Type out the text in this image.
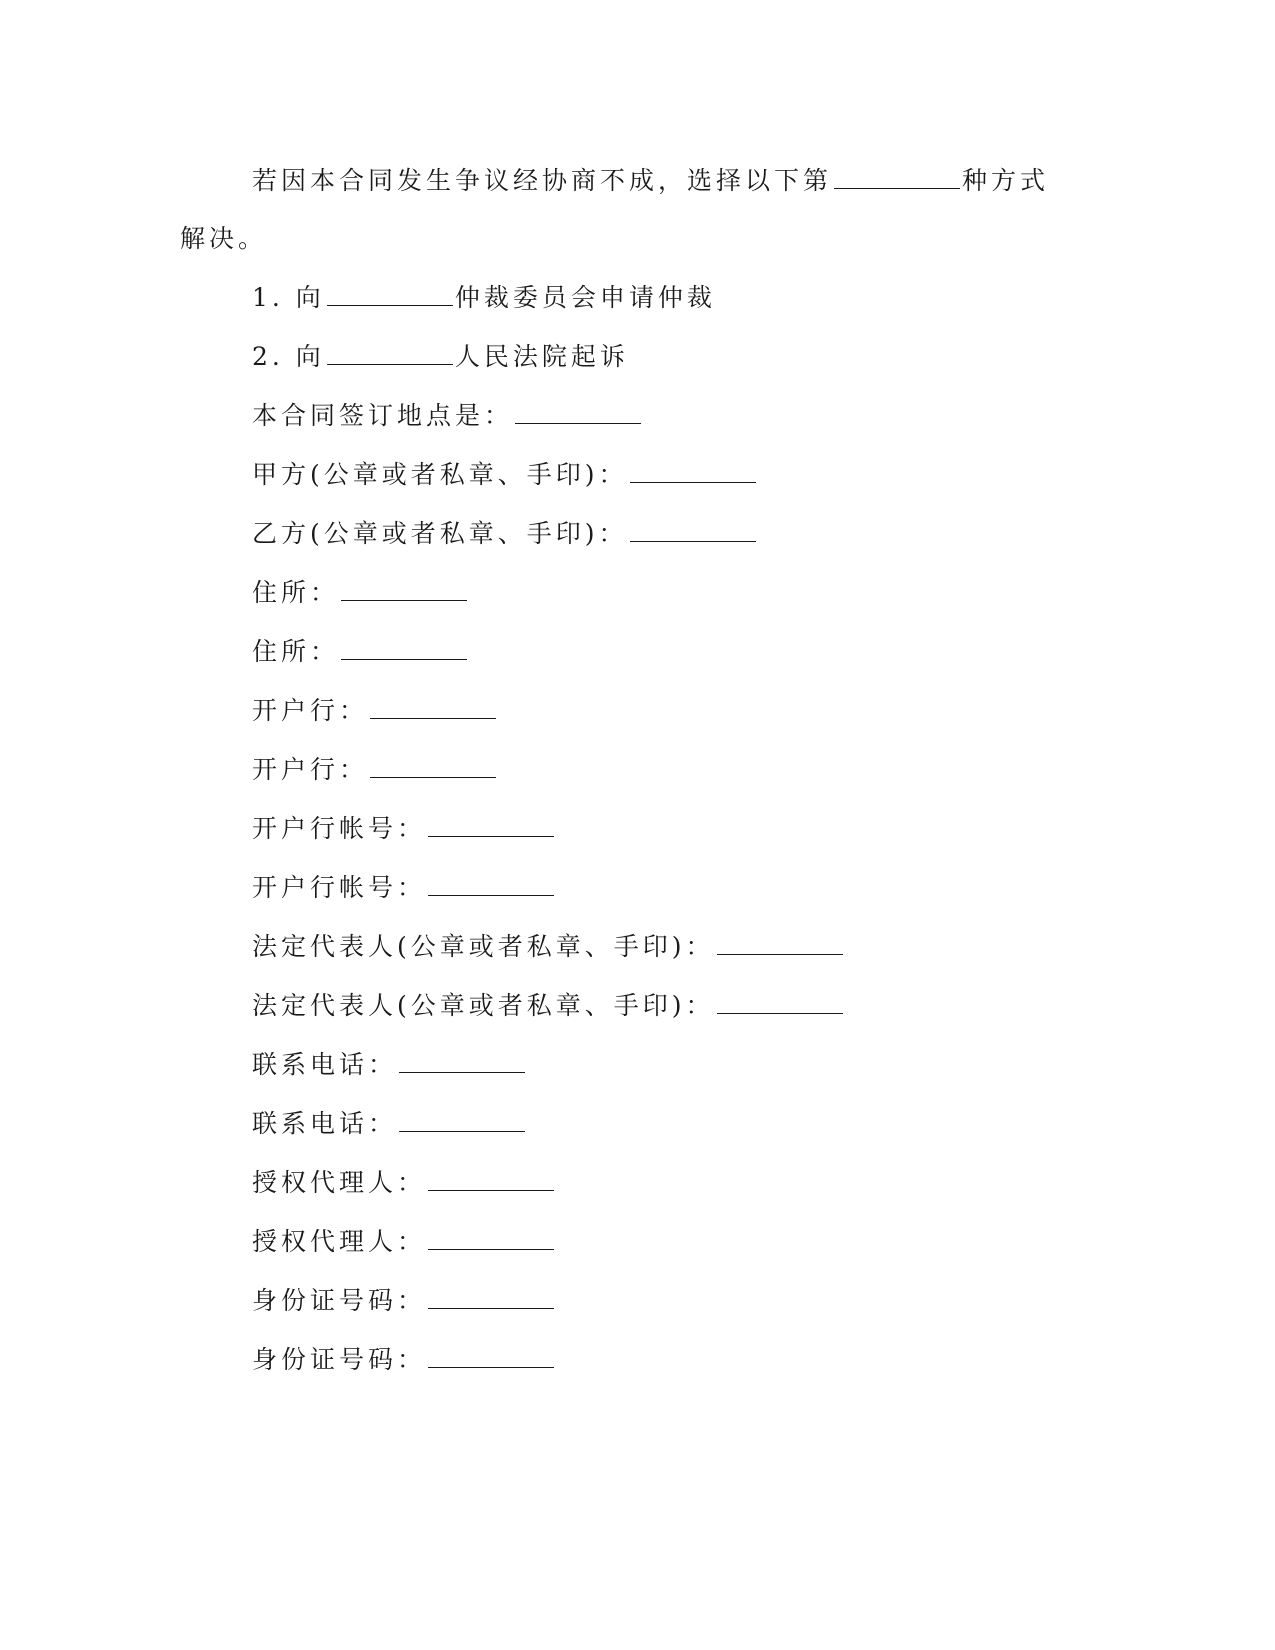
若因本合同发生争议经协商不成，选择以下第	种方式
解决。
1. 向	仲裁委员会申请仲裁
2. 向	人民法院起诉
本合同签订地点是：
甲方(公章或者私章、手印)：
乙方(公章或者私章、手印)：
住所：
住所：
开户行：
开户行：
开户行帐号：
开户行帐号：
法定代表人(公章或者私章、手印)：
法定代表人(公章或者私章、手印)：
联系电话：
联系电话：
授权代理人：
授权代理人：
身份证号码：
身份证号码：
